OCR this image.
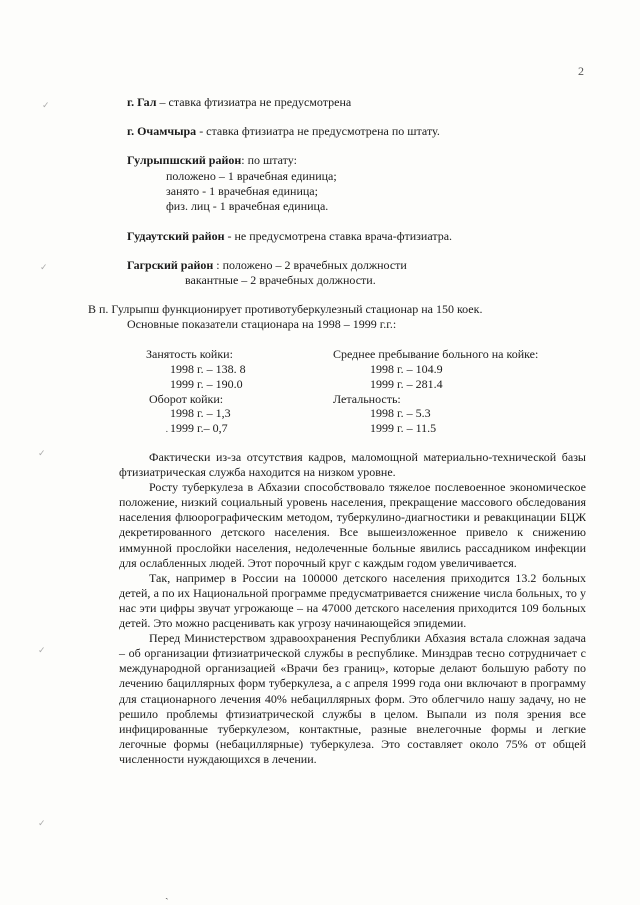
2
✓
✓
✓
✓
✓
г. Гал – ставка фтизиатра не предусмотрена
г. Очамчыра - ставка фтизиатра не предусмотрена по штату.
Гулрыпшский район: по штату:
положено – 1 врачебная единица;
занято - 1 врачебная единица;
физ. лиц - 1 врачебная единица.
Гудаутский район - не предусмотрена ставка врача-фтизиатра.
Гагрский район : положено – 2 врачебных должности
вакантные – 2 врачебных должности.
В п. Гулрыпш функционирует противотуберкулезный стационар на 150 коек.
Основные показатели стационара на 1998 – 1999 г.г.:
Занятость койки:
1998 г. – 138. 8
1999 г. – 190.0
Оборот койки:
1998 г. – 1,3
1999 г.– 0,7
˙
Среднее пребывание больного на койке:
1998 г. – 104.9
1999 г. – 281.4
Летальность:
1998 г. – 5.3
1999 г. – 11.5

Фактически из-за отсутствия кадров, маломощной материально-технической базы фтизиатрическая служба находится на низком уровне.

Росту туберкулеза в Абхазии способствовало тяжелое послевоенное экономическое положение, низкий социальный уровень населения, прекращение массового обследования населения флюорографическим методом, туберкулино-диагностики и ревакцинации БЦЖ декретированного детского населения. Все вышеизложенное привело к снижению иммунной прослойки населения, недолеченные больные явились рассадником инфекции для ослабленных людей. Этот порочный круг с каждым годом увеличивается.

Так, например в России на 100000 детского населения приходится 13.2 больных детей, а по их Национальной программе предусматривается снижение числа больных, то у нас эти цифры звучат угрожающе – на 47000 детского населения приходится 109 больных детей. Это можно расценивать как угрозу начинающейся эпидемии.

Перед Министерством здравоохранения Республики Абхазия встала сложная задача – об организации фтизиатрической службы в республике. Минздрав тесно сотрудничает с международной организацией «Врачи без границ», которые делают большую работу по лечению бациллярных форм туберкулеза, а с апреля 1999 года они включают в программу для стационарного лечения 40% небациллярных форм. Это облегчило нашу задачу, но не решило проблемы фтизиатрической службы в целом. Выпали из поля зрения все инфицированные туберкулезом, контактные, разные внелегочные формы и легкие легочные формы (небациллярные) туберкулеза. Это составляет около 75% от общей численности нуждающихся в лечении.

ˏ
